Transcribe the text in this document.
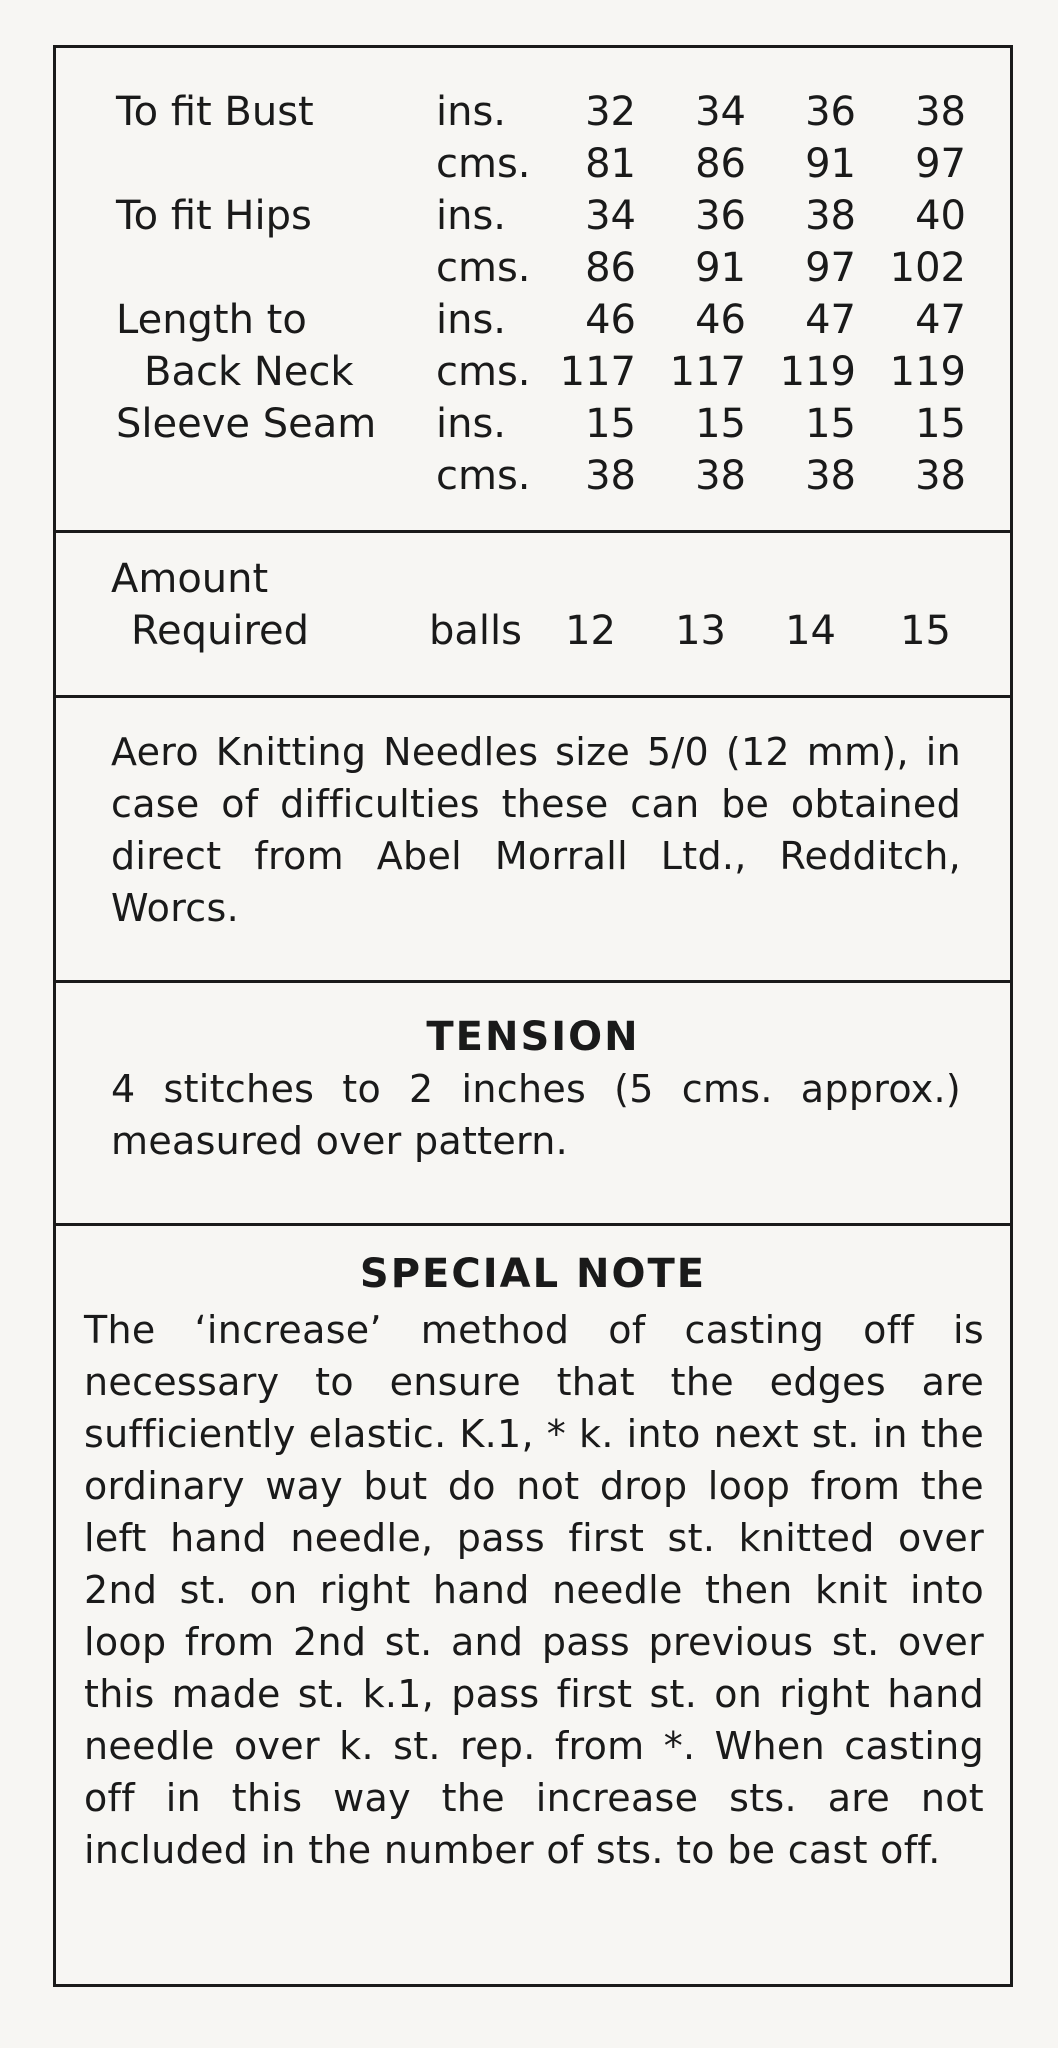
To fit Bust	ins.	32	34	36	38
cms.	81	86	91	97
To fit Hips	ins.	34	36	38	40
cms.	86	91	97 102
Length to	ins.	46	46	47	47
Back Neck cms. 117 117 119 119
Sleeve Seam ins.	15	15	15	15
cms.	38	38	38	38
Amount
Required	balls	12	13	14	15
Aero Knitting Needles size 5/0 (12 mm), in case of difficulties these can be obtained direct from Abel Morrall Ltd., Redditch, Worcs.
TENSION
4 stitches to 2 inches (5 cms. approx.) measured over pattern.
SPECIAL NOTE
The ‘increase’ method of casting off is necessary to ensure that the edges are sufficiently elastic. K.1, * k. into next st. in the ordinary way but do not drop loop from the left hand needle, pass first st. knitted over 2nd st. on right hand needle then knit into loop from 2nd st. and pass previous st. over this made st. k.1, pass first st. on right hand needle over k. st. rep. from *. When casting off in this way the increase sts. are not included in the number of sts. to be cast off.
